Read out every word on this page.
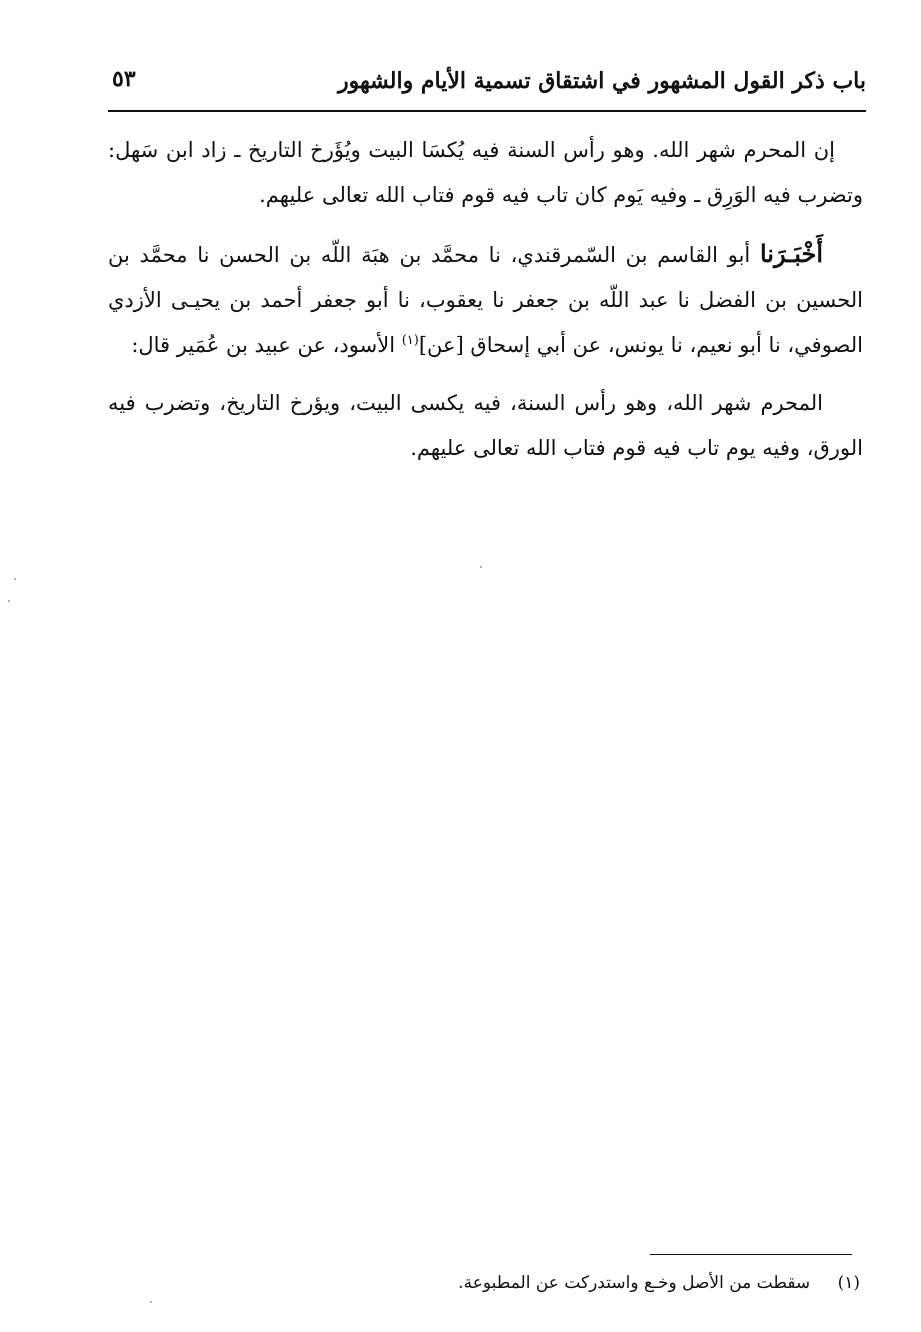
باب ذكر القول المشهور في اشتقاق تسمية الأيام والشهور
٥٣

إن المحرم شهر الله. وهو رأس السنة فيه يُكسَا البيت ويُؤَرخ التاريخ ـ زاد ابن سَهل: وتضرب فيه الوَرِق ـ وفيه يَوم كان تاب فيه قوم فتاب الله تعالى عليهم.

أَخْبَـرَنا أبو القاسم بن السّمرقندي، نا محمَّد بن هبَة اللّه بن الحسن نا محمَّد بن الحسين بن الفضل نا عبد اللّه بن جعفر نا يعقوب، نا أبو جعفر أحمد بن يحيـى الأزدي الصوفي، نا أبو نعيم، نا يونس، عن أبي إسحاق [عن]$^{(١)}$ الأسود، عن عبيد بن عُمَير قال:

المحرم شهر الله، وهو رأس السنة، فيه يكسى البيت، ويؤرخ التاريخ، وتضرب فيه الورق، وفيه يوم تاب فيه قوم فتاب الله تعالى عليهم.

(١) سقطت من الأصل وخـع واستدركت عن المطبوعة.
